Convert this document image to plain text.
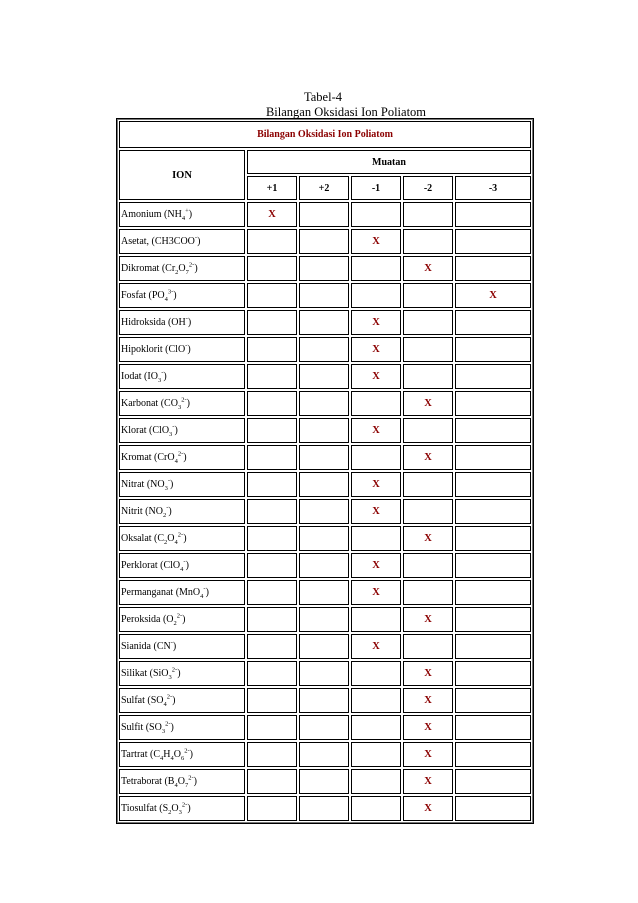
Tabel-4
Bilangan Oksidasi Ion Poliatom
Bilangan Oksidasi Ion Poliatom					
ION	Muatan				
	+1	+2	-1	-2	-3
Amonium $(NH_4^+)$	X				
Asetat, (CH3COO-)			X		
Dikromat $(Cr_2O_7^{2-})$				X	
Fosfat $(PO_4^{3-})$					X
Hidroksida (OH-)			X		
Hipoklorit (ClO-)			X		
Iodat $(IO_3^-)$			X		
Karbonat $(CO_3^{2-})$				X	
Klorat (ClO$_3$-)			X		
Kromat (CrO$_4^{2-}$)				X	
Nitrat $(NO_3^-)$			X		
Nitrit $(NO_2^-)$			X		
Oksalat $(C_2O_4^{2-})$				X	
Perklorat (ClO$_4$-)			X		
Permanganat (MnO$_4$-)			X		
Peroksida $(O_2^{2-})$				X	
Sianida (CN-)			X		
Silikat (SiO$_3^{2-}$)				X	
Sulfat $(SO_4^{2-})$				X	
Sulfit $(SO_3^{2-})$				X	
Tartrat $(C_4H_4O_6^{2-})$				X	
Tetraborat $(B_4O_7^{2-})$				X	
Tiosulfat $(S_2O_3^{2-})$				X	
